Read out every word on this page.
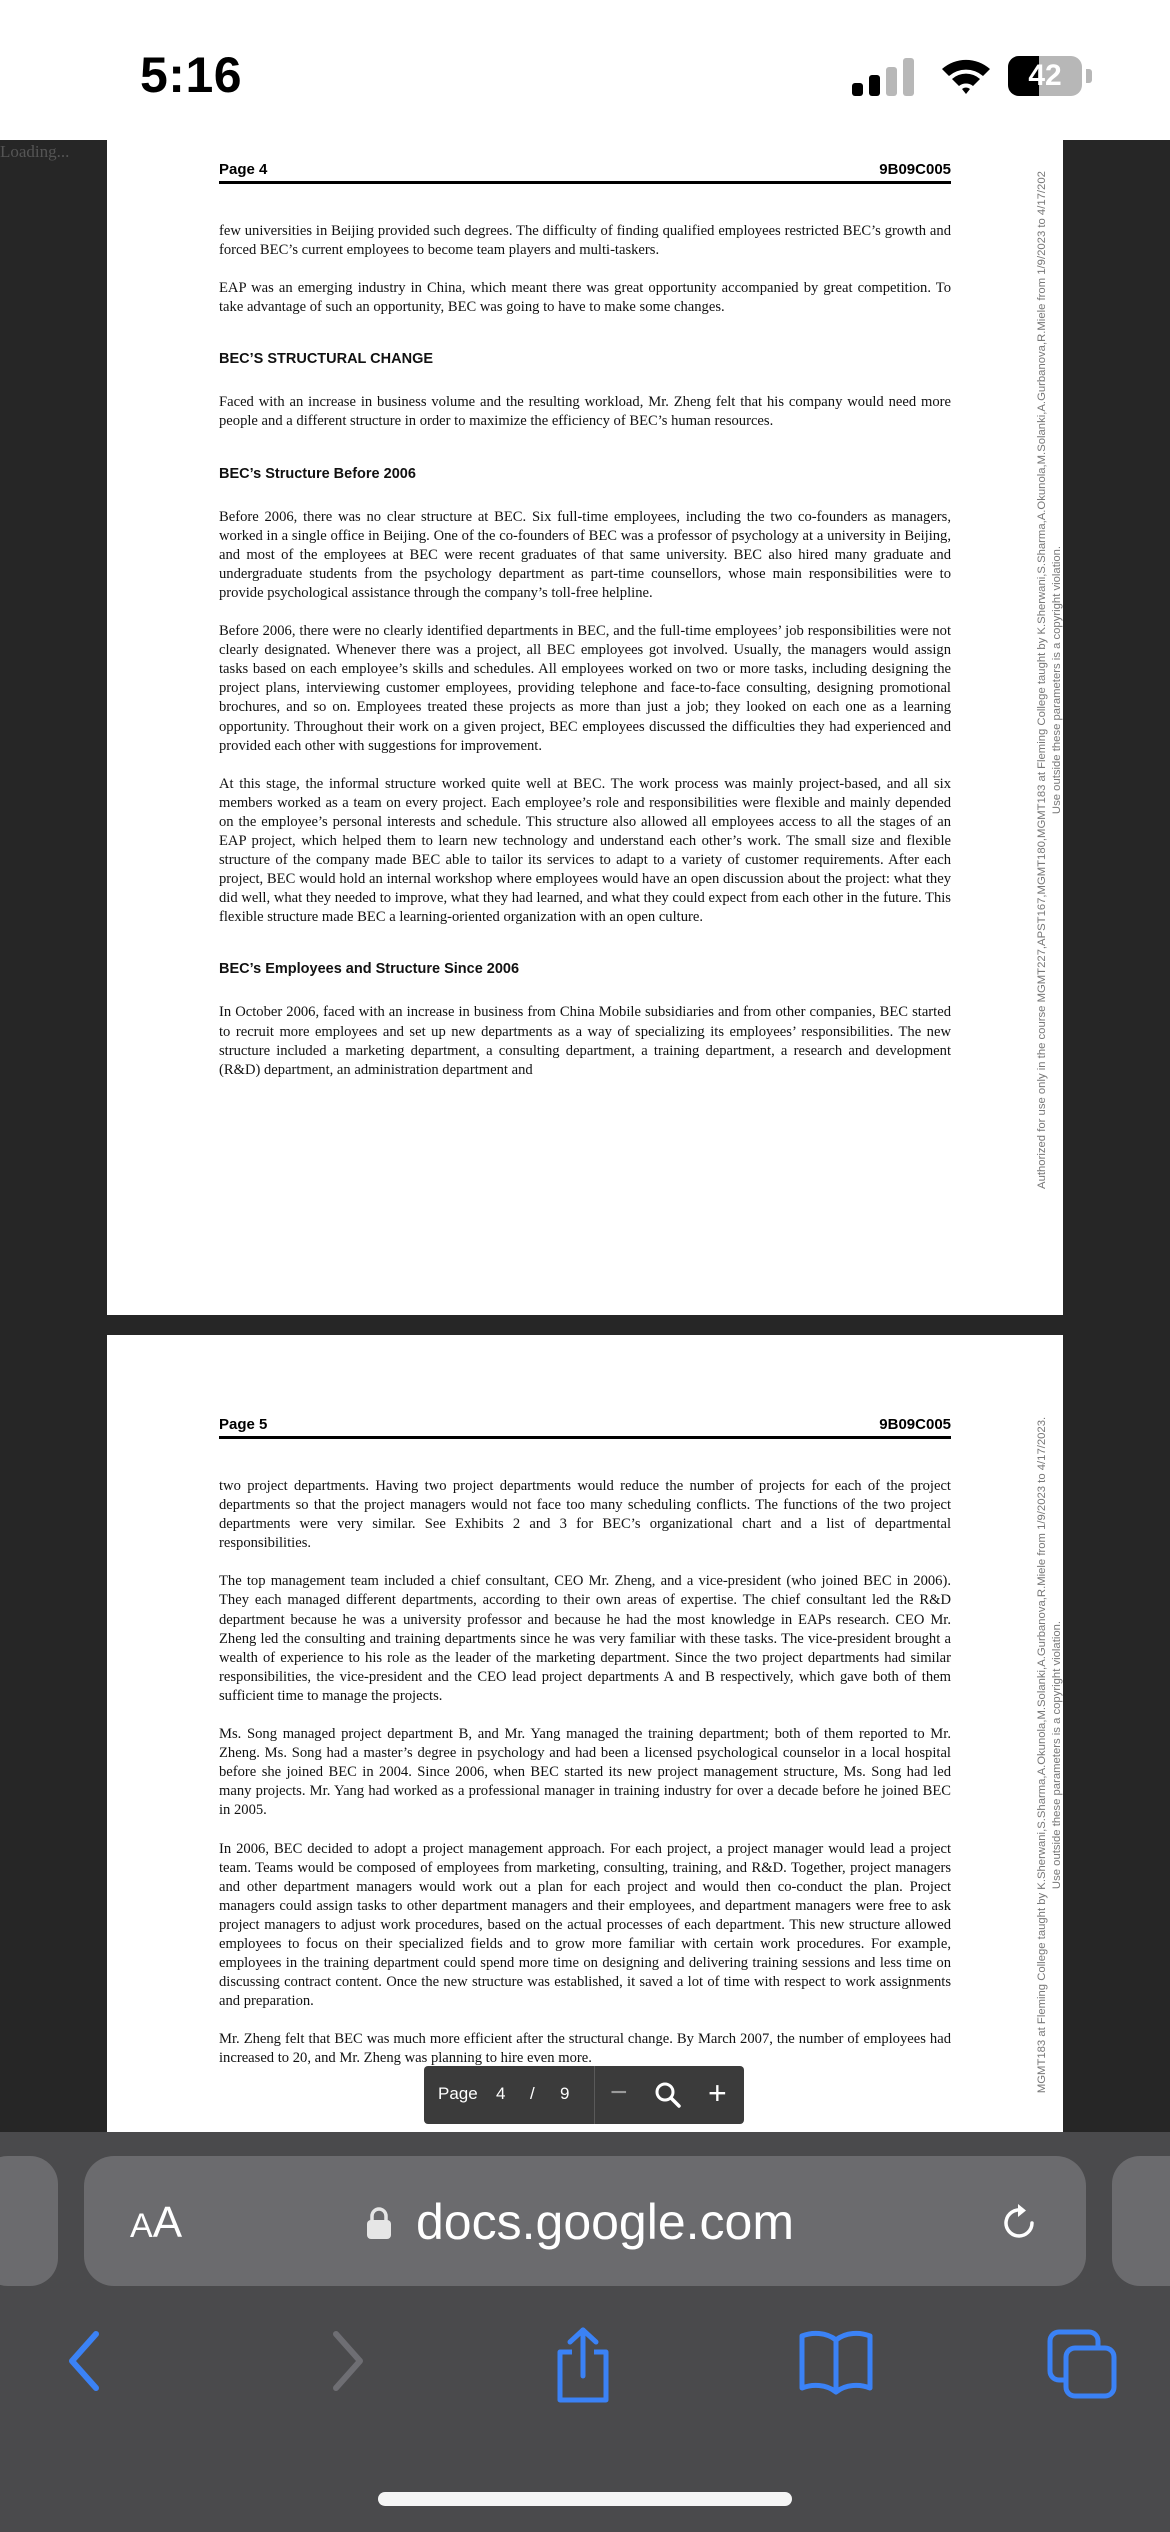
5:16	42
Loading...
Page 4	9B09C005

few universities in Beijing provided such degrees. The difficulty of finding qualified employees restricted BEC’s growth and forced BEC’s current employees to become team players and multi-taskers.

EAP was an emerging industry in China, which meant there was great opportunity accompanied by great competition. To take advantage of such an opportunity, BEC was going to have to make some changes.

BEC’S STRUCTURAL CHANGE

Faced with an increase in business volume and the resulting workload, Mr. Zheng felt that his company would need more people and a different structure in order to maximize the efficiency of BEC’s human resources.

BEC’s Structure Before 2006

Before 2006, there was no clear structure at BEC. Six full-time employees, including the two co-founders as managers, worked in a single office in Beijing. One of the co-founders of BEC was a professor of psychology at a university in Beijing, and most of the employees at BEC were recent graduates of that same university. BEC also hired many graduate and undergraduate students from the psychology department as part-time counsellors, whose main responsibilities were to provide psychological assistance through the company’s toll-free helpline.

Before 2006, there were no clearly identified departments in BEC, and the full-time employees’ job responsibilities were not clearly designated. Whenever there was a project, all BEC employees got involved. Usually, the managers would assign tasks based on each employee’s skills and schedules. All employees worked on two or more tasks, including designing the project plans, interviewing customer employees, providing telephone and face-to-face consulting, designing promotional brochures, and so on. Employees treated these projects as more than just a job; they looked on each one as a learning opportunity. Throughout their work on a given project, BEC employees discussed the difficulties they had experienced and provided each other with suggestions for improvement.

At this stage, the informal structure worked quite well at BEC. The work process was mainly project-based, and all six members worked as a team on every project. Each employee’s role and responsibilities were flexible and mainly depended on the employee’s personal interests and schedule. This structure also allowed all employees access to all the stages of an EAP project, which helped them to learn new technology and understand each other’s work. The small size and flexible structure of the company made BEC able to tailor its services to adapt to a variety of customer requirements. After each project, BEC would hold an internal workshop where employees would have an open discussion about the project: what they did well, what they needed to improve, what they had learned, and what they could expect from each other in the future. This flexible structure made BEC a learning-oriented organization with an open culture.

BEC’s Employees and Structure Since 2006

In October 2006, faced with an increase in business from China Mobile subsidiaries and from other companies, BEC started to recruit more employees and set up new departments as a way of specializing its employees’ responsibilities. The new structure included a marketing department, a consulting department, a training department, a research and development (R&D) department, an administration department and	Authorized for use only in the course MGMT227,APST167,MGMT180,MGMT183 at Fleming College taught by K.Sherwani,S.Sharma,A.Okunola,M.Solanki,A.Gurbanova,R.Miele from 1/9/2023 to 4/17/202 Use outside these parameters is a copyright violation.
Page 5	9B09C005

two project departments. Having two project departments would reduce the number of projects for each of the project departments so that the project managers would not face too many scheduling conflicts. The functions of the two project departments were very similar. See Exhibits 2 and 3 for BEC’s organizational chart and a list of departmental responsibilities.

The top management team included a chief consultant, CEO Mr. Zheng, and a vice-president (who joined BEC in 2006). They each managed different departments, according to their own areas of expertise. The chief consultant led the R&D department because he was a university professor and because he had the most knowledge in EAPs research. CEO Mr. Zheng led the consulting and training departments since he was very familiar with these tasks. The vice-president brought a wealth of experience to his role as the leader of the marketing department. Since the two project departments had similar responsibilities, the vice-president and the CEO lead project departments A and B respectively, which gave both of them sufficient time to manage the projects.

Ms. Song managed project department B, and Mr. Yang managed the training department; both of them reported to Mr. Zheng. Ms. Song had a master’s degree in psychology and had been a licensed psychological counselor in a local hospital before she joined BEC in 2004. Since 2006, when BEC started its new project management structure, Ms. Song had led many projects. Mr. Yang had worked as a professional manager in training industry for over a decade before he joined BEC in 2005.

In 2006, BEC decided to adopt a project management approach. For each project, a project manager would lead a project team. Teams would be composed of employees from marketing, consulting, training, and R&D. Together, project managers and other department managers would work out a plan for each project and would then co-conduct the plan. Project managers could assign tasks to other department managers and their employees, and department managers were free to ask project managers to adjust work procedures, based on the actual processes of each department. This new structure allowed employees to focus on their specialized fields and to grow more familiar with certain work procedures. For example, employees in the training department could spend more time on designing and delivering training sessions and less time on discussing contract content. Once the new structure was established, it saved a lot of time with respect to work assignments and preparation.

Mr. Zheng felt that BEC was much more efficient after the structural change. By March 2007, the number of employees had increased to 20, and Mr. Zheng was planning to hire even more.	MGMT183 at Fleming College taught by K.Sherwani,S.Sharma,A.Okunola,M.Solanki,A.Gurbanova,R.Miele from 1/9/2023 to 4/17/2023. Use outside these parameters is a copyright violation.
Page 4 / 9 −	+
AA	docs.google.com
